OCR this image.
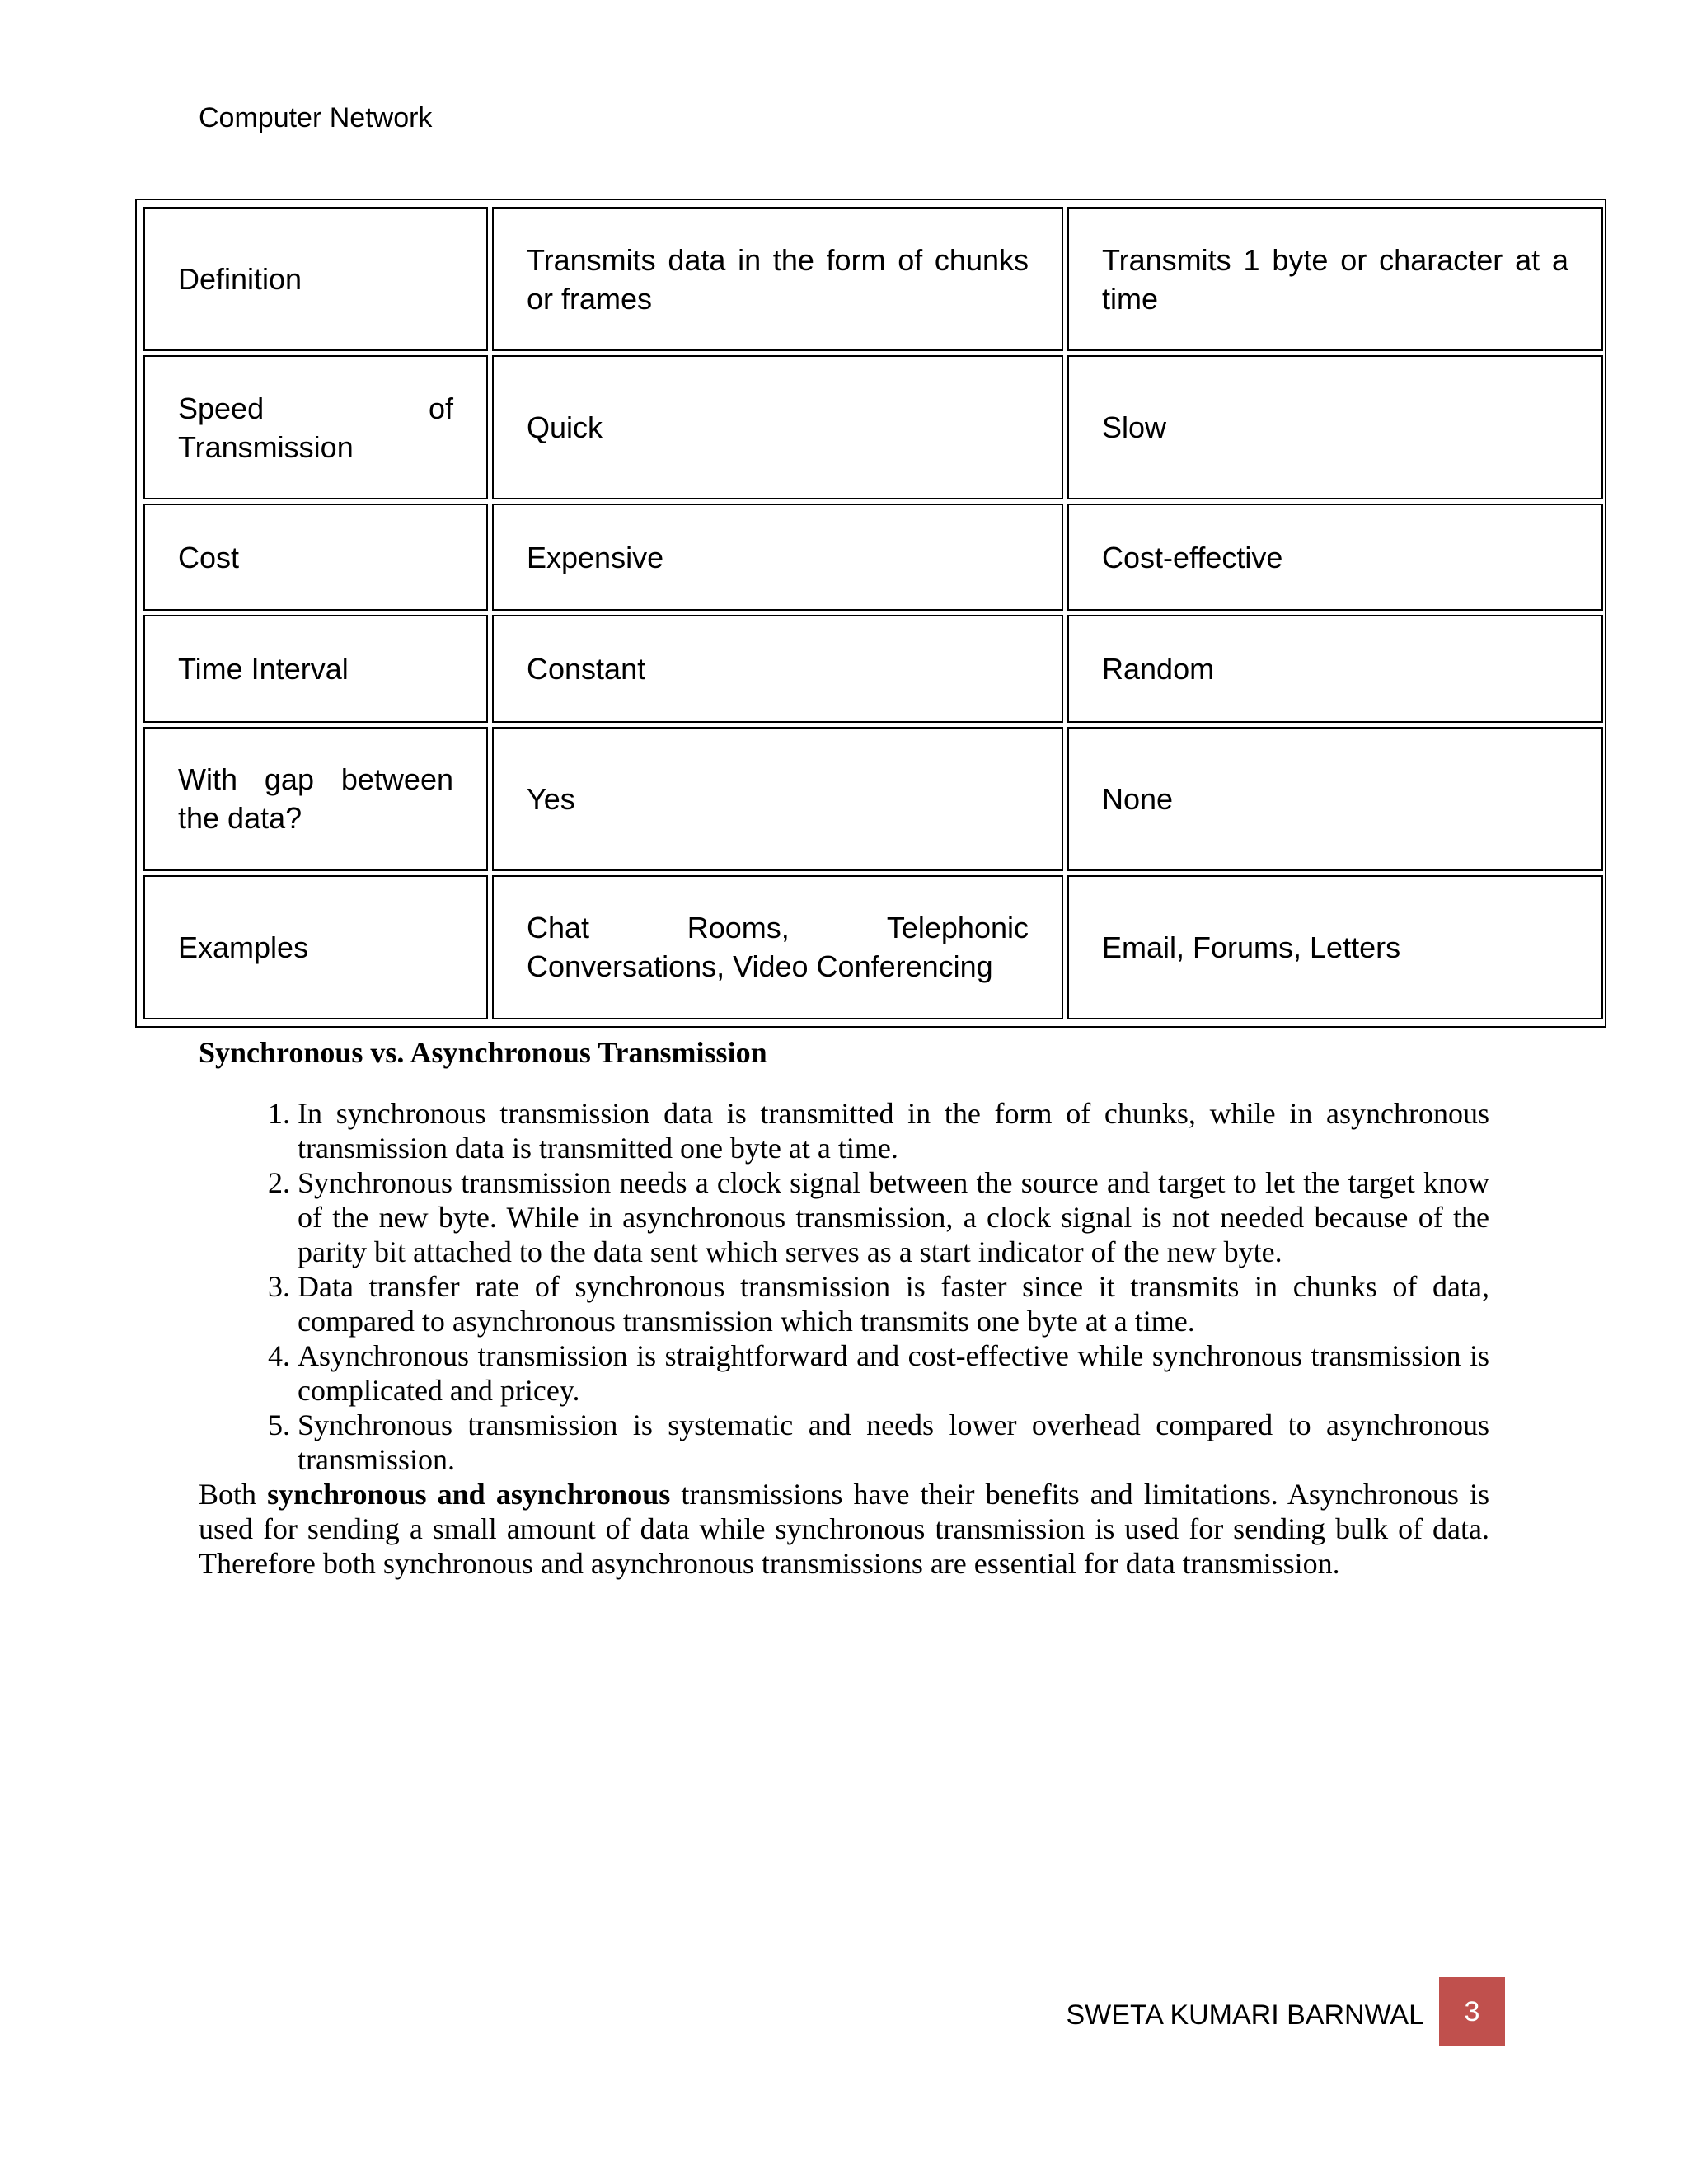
Computer Network
Definition	Transmits data in the form of chunks or frames	Transmits 1 byte or character at a time
Speed of Transmission	Quick	Slow
Cost	Expensive	Cost-effective
Time Interval	Constant	Random
With gap between the data?	Yes	None
Examples	Chat Rooms, Telephonic Conversations, Video Conferencing	Email, Forums, Letters
Synchronous vs. Asynchronous Transmission
1. In synchronous transmission data is transmitted in the form of chunks, while in asynchronous transmission data is transmitted one byte at a time.
2. Synchronous transmission needs a clock signal between the source and target to let the target know of the new byte. While in asynchronous transmission, a clock signal is not needed because of the parity bit attached to the data sent which serves as a start indicator of the new byte.
3. Data transfer rate of synchronous transmission is faster since it transmits in chunks of data, compared to asynchronous transmission which transmits one byte at a time.
4. Asynchronous transmission is straightforward and cost-effective while synchronous transmission is complicated and pricey.
5. Synchronous transmission is systematic and needs lower overhead compared to asynchronous transmission.

Both synchronous and asynchronous transmissions have their benefits and limitations. Asynchronous is used for sending a small amount of data while synchronous transmission is used for sending bulk of data. Therefore both synchronous and asynchronous transmissions are essential for data transmission.

SWETA KUMARI BARNWAL	3
